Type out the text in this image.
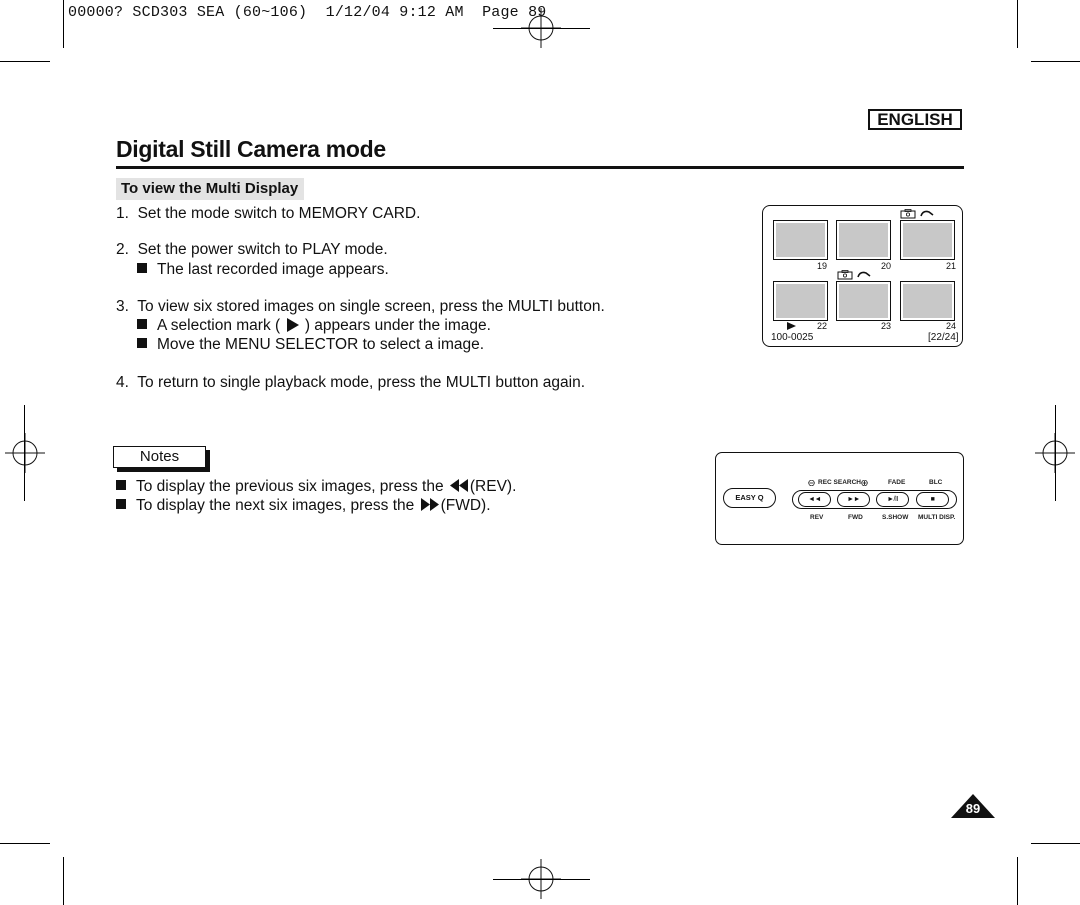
00000? SCD303 SEA (60~106)  1/12/04 9:12 AM  Page 89
ENGLISH
Digital Still Camera mode
To view the Multi Display
1. Set the mode switch to MEMORY CARD.
2. Set the power switch to PLAY mode.
The last recorded image appears.
3. To view six stored images on single screen, press the MULTI button.
A selection mark ( ) appears under the image.
Move the MENU SELECTOR to select a image.
4. To return to single playback mode, press the MULTI button again.
Notes
To display the previous six images, press the (REV).
To display the next six images, press the (FWD).
19	20	21
22	23	24
100-0025	[22/24]
EASY Q
REC SEARCH	FADE	BLC
◄◄	►►	►/II	■
REV	FWD	S.SHOW MULTI DISP.
89
